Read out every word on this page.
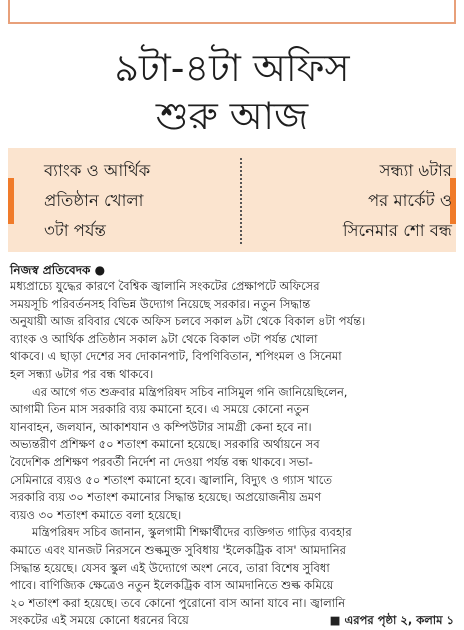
৯টা-৪টা অফিস
শুরু আজ
ব্যাংক ও আর্থিক
প্রতিষ্ঠান খোলা
৩টা পর্যন্ত
সন্ধ্যা ৬টার
পর মার্কেট ও
সিনেমার শো বন্ধ
নিজস্ব প্রতিবেদক ●
মধ্যপ্রাচ্যে যুদ্ধের কারণে বৈশ্বিক জ্বালানি সংকটের প্রেক্ষাপটে অফিসের
সময়সূচি পরিবর্তনসহ বিভিন্ন উদ্যোগ নিয়েছে সরকার। নতুন সিদ্ধান্ত
অনুযায়ী আজ রবিবার থেকে অফিস চলবে সকাল ৯টা থেকে বিকাল ৪টা পর্যন্ত।
ব্যাংক ও আর্থিক প্রতিষ্ঠান সকাল ৯টা থেকে বিকাল ৩টা পর্যন্ত খোলা
থাকবে। এ ছাড়া দেশের সব দোকানপাট, বিপণিবিতান, শপিংমল ও সিনেমা
হল সন্ধ্যা ৬টার পর বন্ধ থাকবে।
এর আগে গত শুক্রবার মন্ত্রিপরিষদ সচিব নাসিমুল গনি জানিয়েছিলেন,
আগামী তিন মাস সরকারি ব্যয় কমানো হবে। এ সময়ে কোনো নতুন
যানবাহন, জলযান, আকাশযান ও কম্পিউটার সামগ্রী কেনা হবে না।
অভ্যন্তরীণ প্রশিক্ষণ ৫০ শতাংশ কমানো হয়েছে। সরকারি অর্থায়নে সব
বৈদেশিক প্রশিক্ষণ পরবর্তী নির্দেশ না দেওয়া পর্যন্ত বন্ধ থাকবে। সভা-
সেমিনারে ব্যয়ও ৫০ শতাংশ কমানো হবে। জ্বালানি, বিদ্যুৎ ও গ্যাস খাতে
সরকারি ব্যয় ৩০ শতাংশ কমানোর সিদ্ধান্ত হয়েছে। অপ্রয়োজনীয় ভ্রমণ
ব্যয়ও ৩০ শতাংশ কমাতে বলা হয়েছে।
মন্ত্রিপরিষদ সচিব জানান, স্কুলগামী শিক্ষার্থীদের ব্যক্তিগত গাড়ির ব্যবহার
কমাতে এবং যানজট নিরসনে শুল্কমুক্ত সুবিধায় 'ইলেকট্রিক বাস' আমদানির
সিদ্ধান্ত হয়েছে। যেসব স্কুল এই উদ্যোগে অংশ নেবে, তারা বিশেষ সুবিধা
পাবে। বাণিজ্যিক ক্ষেত্রেও নতুন ইলেকট্রিক বাস আমদানিতে শুল্ক কমিয়ে
২০ শতাংশ করা হয়েছে। তবে কোনো পুরোনো বাস আনা যাবে না। জ্বালানি
সংকটের এই সময়ে কোনো ধরনের বিয়ে	■ এরপর পৃষ্ঠা ২, কলাম ১
